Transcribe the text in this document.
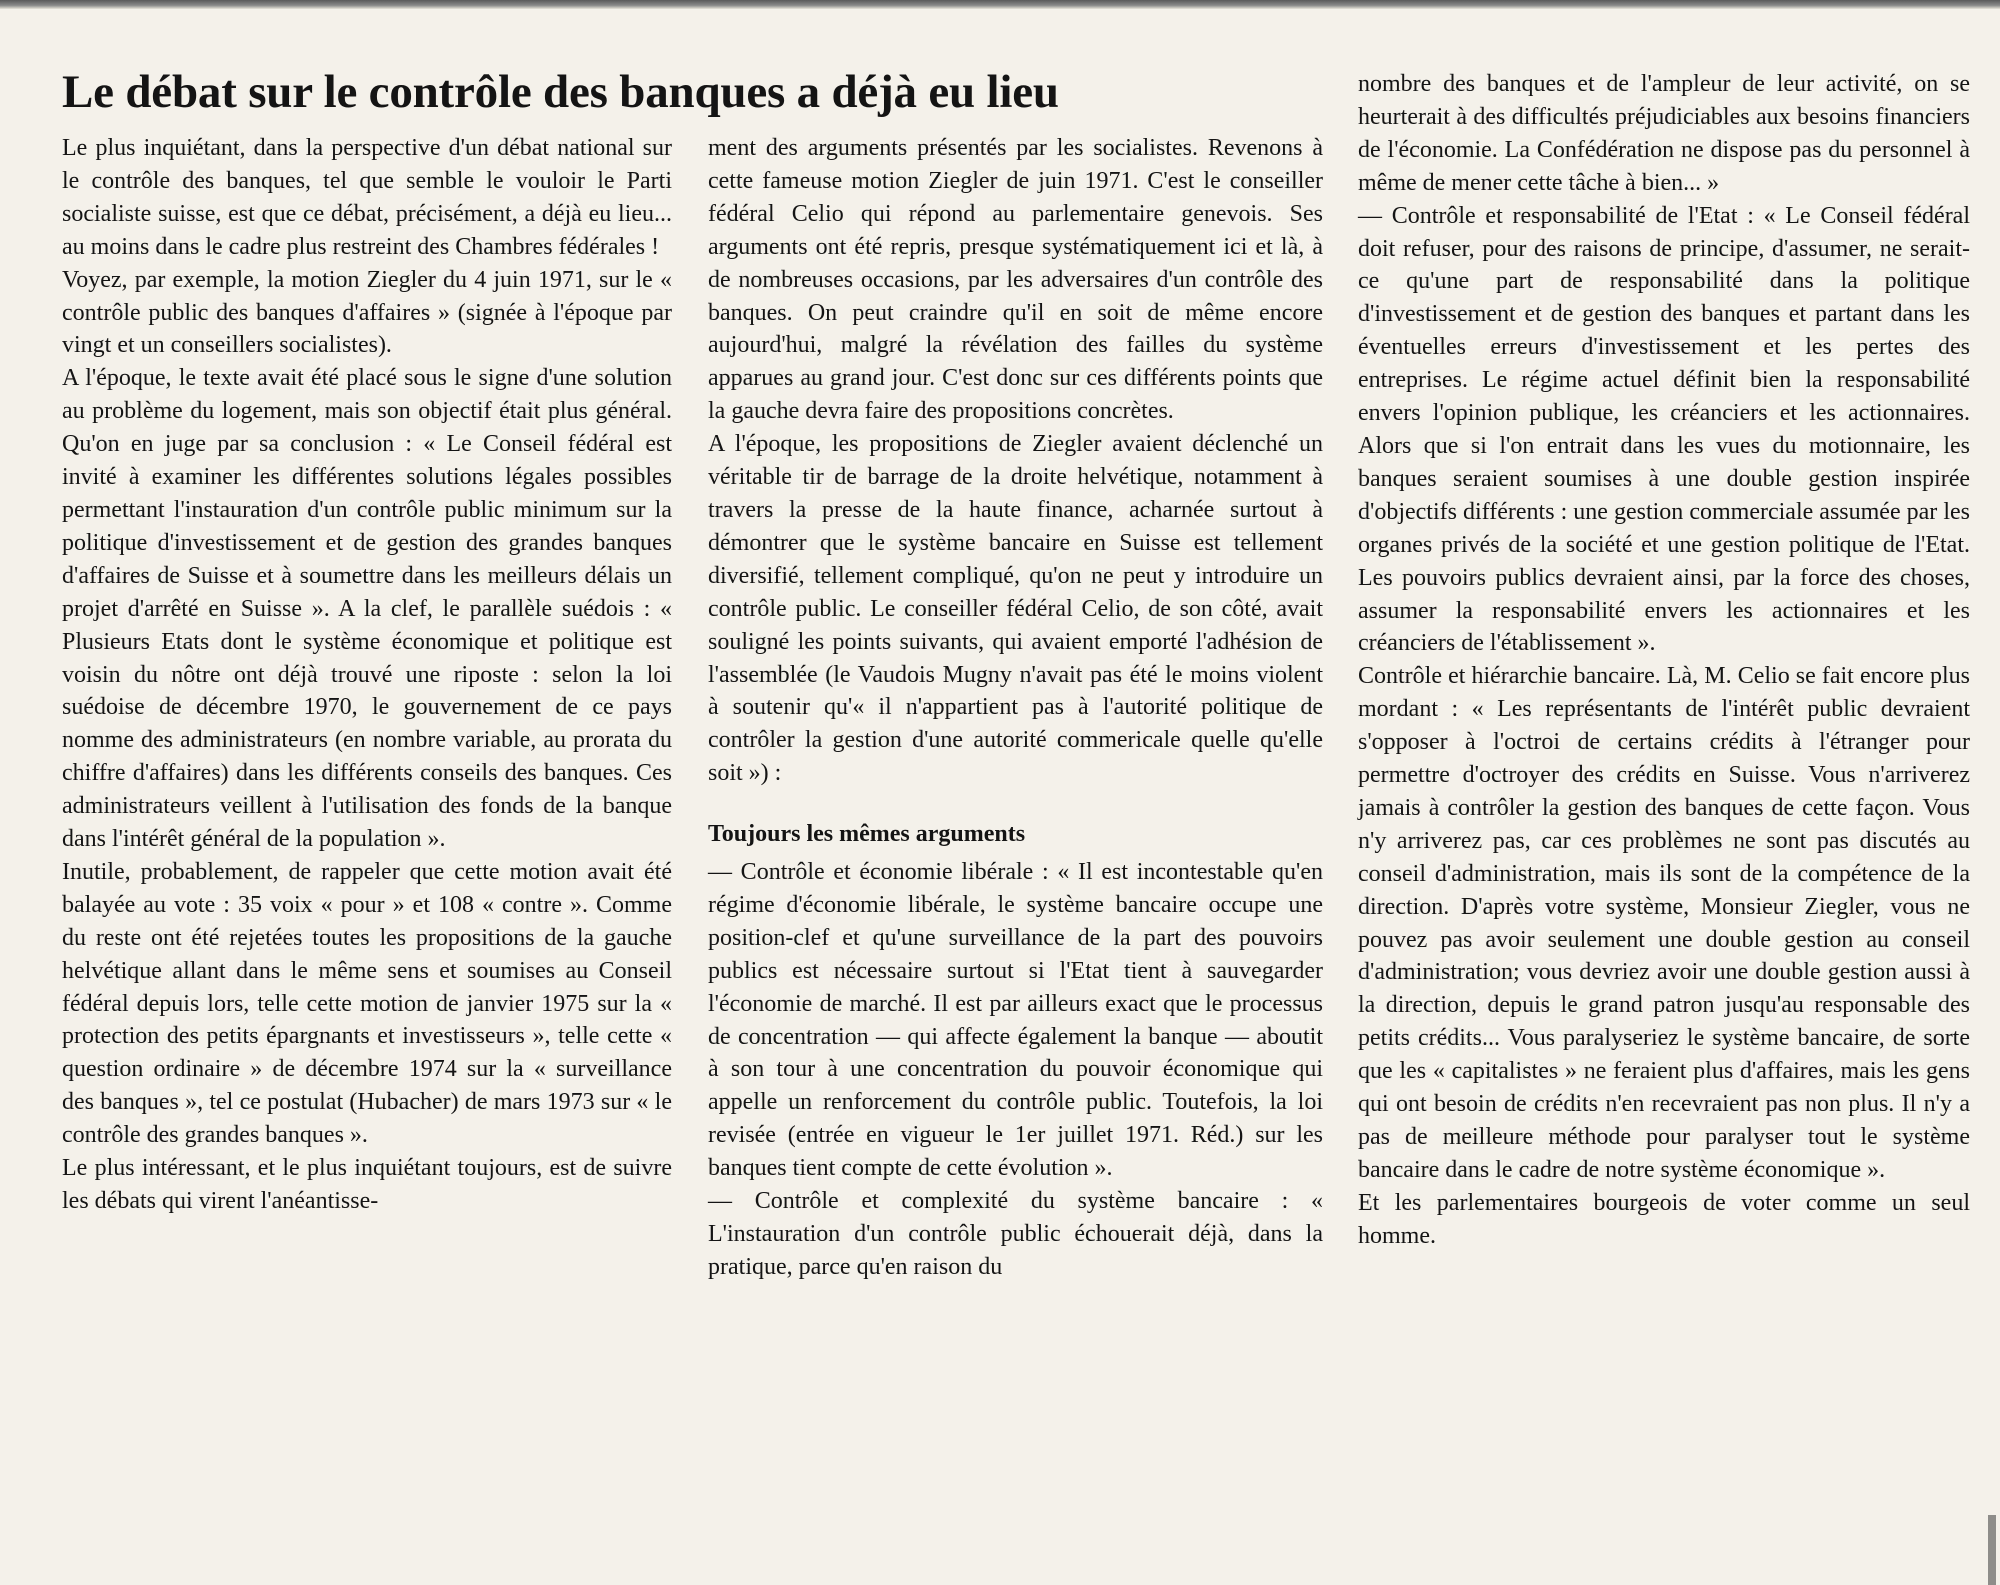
Le débat sur le contrôle des banques a déjà eu lieu

Le plus inquiétant, dans la perspective d'un débat national sur le contrôle des banques, tel que semble le vouloir le Parti socialiste suisse, est que ce débat, précisément, a déjà eu lieu... au moins dans le cadre plus restreint des Chambres fédérales !

Voyez, par exemple, la motion Ziegler du 4 juin 1971, sur le « contrôle public des banques d'affaires » (signée à l'époque par vingt et un conseillers socialistes).

A l'époque, le texte avait été placé sous le signe d'une solution au problème du logement, mais son objectif était plus général. Qu'on en juge par sa conclusion : « Le Conseil fédéral est invité à examiner les différentes solutions légales possibles permettant l'instauration d'un contrôle public minimum sur la politique d'investissement et de gestion des grandes banques d'affaires de Suisse et à soumettre dans les meilleurs délais un projet d'arrêté en Suisse ». A la clef, le parallèle suédois : « Plusieurs Etats dont le système économique et politique est voisin du nôtre ont déjà trouvé une riposte : selon la loi suédoise de décembre 1970, le gouvernement de ce pays nomme des administrateurs (en nombre variable, au prorata du chiffre d'affaires) dans les différents conseils des banques. Ces administrateurs veillent à l'utilisation des fonds de la banque dans l'intérêt général de la population ».

Inutile, probablement, de rappeler que cette motion avait été balayée au vote : 35 voix « pour » et 108 « contre ». Comme du reste ont été rejetées toutes les propositions de la gauche helvétique allant dans le même sens et soumises au Conseil fédéral depuis lors, telle cette motion de janvier 1975 sur la « protection des petits épargnants et investisseurs », telle cette « question ordinaire » de décembre 1974 sur la « surveillance des banques », tel ce postulat (Hubacher) de mars 1973 sur « le contrôle des grandes banques ».

Le plus intéressant, et le plus inquiétant toujours, est de suivre les débats qui virent l'anéantisse-

ment des arguments présentés par les socialistes. Revenons à cette fameuse motion Ziegler de juin 1971. C'est le conseiller fédéral Celio qui répond au parlementaire genevois. Ses arguments ont été repris, presque systématiquement ici et là, à de nombreuses occasions, par les adversaires d'un contrôle des banques. On peut craindre qu'il en soit de même encore aujourd'hui, malgré la révélation des failles du système apparues au grand jour. C'est donc sur ces différents points que la gauche devra faire des propositions concrètes.

A l'époque, les propositions de Ziegler avaient déclenché un véritable tir de barrage de la droite helvétique, notamment à travers la presse de la haute finance, acharnée surtout à démontrer que le système bancaire en Suisse est tellement diversifié, tellement compliqué, qu'on ne peut y introduire un contrôle public. Le conseiller fédéral Celio, de son côté, avait souligné les points suivants, qui avaient emporté l'adhésion de l'assemblée (le Vaudois Mugny n'avait pas été le moins violent à soutenir qu'« il n'appartient pas à l'autorité politique de contrôler la gestion d'une autorité commericale quelle qu'elle soit ») :

Toujours les mêmes arguments

— Contrôle et économie libérale : « Il est incontestable qu'en régime d'économie libérale, le système bancaire occupe une position-clef et qu'une surveillance de la part des pouvoirs publics est nécessaire surtout si l'Etat tient à sauvegarder l'économie de marché. Il est par ailleurs exact que le processus de concentration — qui affecte également la banque — aboutit à son tour à une concentration du pouvoir économique qui appelle un renforcement du contrôle public. Toutefois, la loi revisée (entrée en vigueur le 1er juillet 1971. Réd.) sur les banques tient compte de cette évolution ».

— Contrôle et complexité du système bancaire : « L'instauration d'un contrôle public échouerait déjà, dans la pratique, parce qu'en raison du

nombre des banques et de l'ampleur de leur activité, on se heurterait à des difficultés préjudiciables aux besoins financiers de l'économie. La Confédération ne dispose pas du personnel à même de mener cette tâche à bien... »

— Contrôle et responsabilité de l'Etat : « Le Conseil fédéral doit refuser, pour des raisons de principe, d'assumer, ne serait-ce qu'une part de responsabilité dans la politique d'investissement et de gestion des banques et partant dans les éventuelles erreurs d'investissement et les pertes des entreprises. Le régime actuel définit bien la responsabilité envers l'opinion publique, les créanciers et les actionnaires. Alors que si l'on entrait dans les vues du motionnaire, les banques seraient soumises à une double gestion inspirée d'objectifs différents : une gestion commerciale assumée par les organes privés de la société et une gestion politique de l'Etat. Les pouvoirs publics devraient ainsi, par la force des choses, assumer la responsabilité envers les actionnaires et les créanciers de l'établissement ».

Contrôle et hiérarchie bancaire. Là, M. Celio se fait encore plus mordant : « Les représentants de l'intérêt public devraient s'opposer à l'octroi de certains crédits à l'étranger pour permettre d'octroyer des crédits en Suisse. Vous n'arriverez jamais à contrôler la gestion des banques de cette façon. Vous n'y arriverez pas, car ces problèmes ne sont pas discutés au conseil d'administration, mais ils sont de la compétence de la direction. D'après votre système, Monsieur Ziegler, vous ne pouvez pas avoir seulement une double gestion au conseil d'administration; vous devriez avoir une double gestion aussi à la direction, depuis le grand patron jusqu'au responsable des petits crédits... Vous paralyseriez le système bancaire, de sorte que les « capitalistes » ne feraient plus d'affaires, mais les gens qui ont besoin de crédits n'en recevraient pas non plus. Il n'y a pas de meilleure méthode pour paralyser tout le système bancaire dans le cadre de notre système économique ».

Et les parlementaires bourgeois de voter comme un seul homme.
